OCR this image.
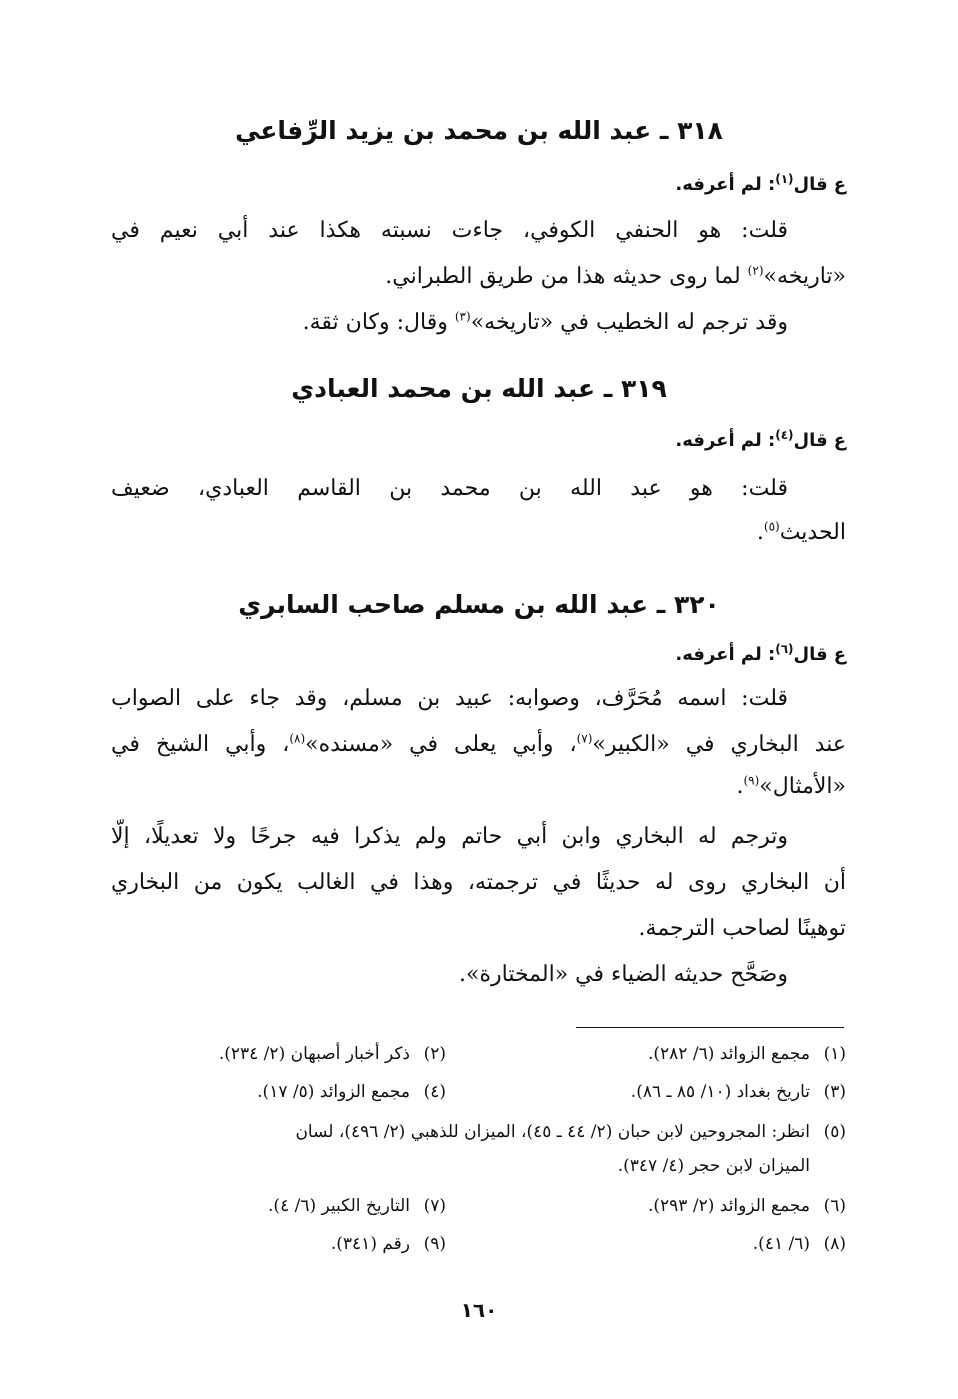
٣١٨ ـ عبد الله بن محمد بن يزيد الرِّفاعي

عقال$^{(١)}$: لم أعرفه.

قلت: هو الحنفي الكوفي، جاءت نسبته هكذا عند أبي نعيم في

«تاريخه»$^{(٢)}$ لما روى حديثه هذا من طريق الطبراني.

وقد ترجم له الخطيب في «تاريخه»$^{(٣)}$ وقال: وكان ثقة.

٣١٩ ـ عبد الله بن محمد العبادي

عقال$^{(٤)}$: لم أعرفه.

قلت: هو عبد الله بن محمد بن القاسم العبادي، ضعيف

الحديث$^{(٥)}$.

٣٢٠ ـ عبد الله بن مسلم صاحب السابري

عقال$^{(٦)}$: لم أعرفه.

قلت: اسمه مُحَرَّف، وصوابه: عبيد بن مسلم، وقد جاء على الصواب

عند البخاري في «الكبير»$^{(٧)}$، وأبي يعلى في «مسنده»$^{(٨)}$، وأبي الشيخ في

«الأمثال»$^{(٩)}$.

وترجم له البخاري وابن أبي حاتم ولم يذكرا فيه جرحًا ولا تعديلًا، إلّا

أن البخاري روى له حديثًا في ترجمته، وهذا في الغالب يكون من البخاري

توهينًا لصاحب الترجمة.

وصَحَّح حديثه الضياء في «المختارة».

(١)مجمع الزوائد (٦/ ٢٨٢).
(٣)تاريخ بغداد (١٠/ ٨٥ ـ ٨٦).
(٥)انظر: المجروحين لابن حبان (٢/ ٤٤ ـ ٤٥)، الميزان للذهبي (٢/ ٤٩٦)، لسان
الميزان لابن حجر (٤/ ٣٤٧).
(٦)مجمع الزوائد (٢/ ٢٩٣).
(٨)(٦/ ٤١).
(٢)ذكر أخبار أصبهان (٢/ ٢٣٤).
(٤)مجمع الزوائد (٥/ ١٧).
(٧)التاريخ الكبير (٦/ ٤).
(٩)رقم (٣٤١).
١٦٠
